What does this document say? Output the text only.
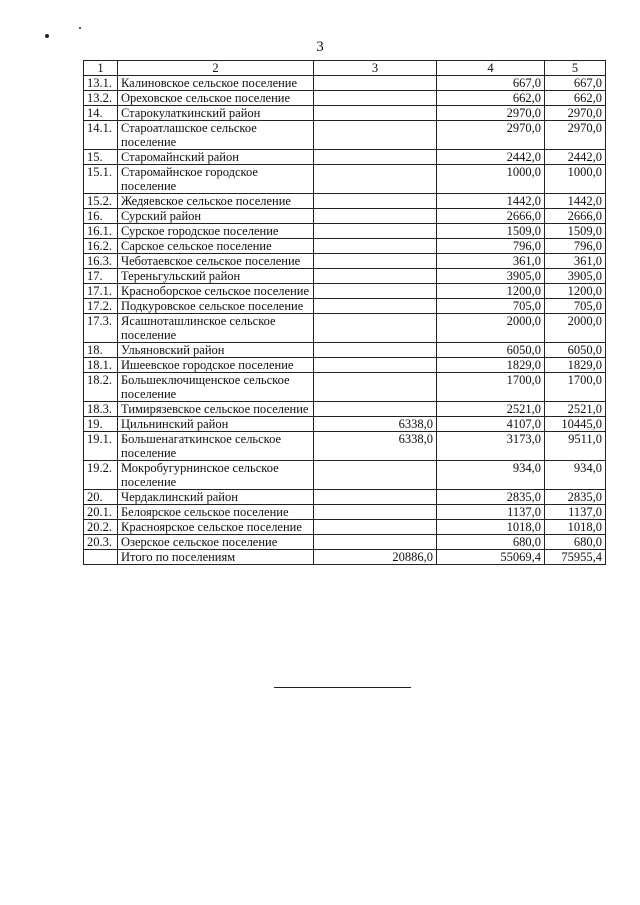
3
1	2	3	4	5
13.1.	Калиновское сельское поселение		667,0	667,0
13.2.	Ореховское сельское поселение		662,0	662,0
14.	Старокулаткинский район		2970,0	2970,0
14.1.	Староатлашское сельское поселение		2970,0	2970,0
15.	Старомайнский район		2442,0	2442,0
15.1.	Старомайнское городское поселение		1000,0	1000,0
15.2.	Жедяевское сельское поселение		1442,0	1442,0
16.	Сурский район		2666,0	2666,0
16.1.	Сурское городское поселение		1509,0	1509,0
16.2.	Сарское сельское поселение		796,0	796,0
16.3.	Чеботаевское сельское поселение		361,0	361,0
17.	Тереньгульский район		3905,0	3905,0
17.1.	Красноборское сельское поселение		1200,0	1200,0
17.2.	Подкуровское сельское поселение		705,0	705,0
17.3.	Ясашноташлинское сельское поселение		2000,0	2000,0
18.	Ульяновский район		6050,0	6050,0
18.1.	Ишеевское городское поселение		1829,0	1829,0
18.2.	Большеключищенское сельское поселение		1700,0	1700,0
18.3.	Тимирязевское сельское поселение		2521,0	2521,0
19.	Цильнинский район	6338,0	4107,0	10445,0
19.1.	Большенагаткинское сельское поселение	6338,0	3173,0	9511,0
19.2.	Мокробугурнинское сельское поселение		934,0	934,0
20.	Чердаклинский район		2835,0	2835,0
20.1.	Белоярское сельское поселение		1137,0	1137,0
20.2.	Красноярское сельское поселение		1018,0	1018,0
20.3.	Озерское сельское поселение		680,0	680,0
	Итого по поселениям	20886,0	55069,4	75955,4
